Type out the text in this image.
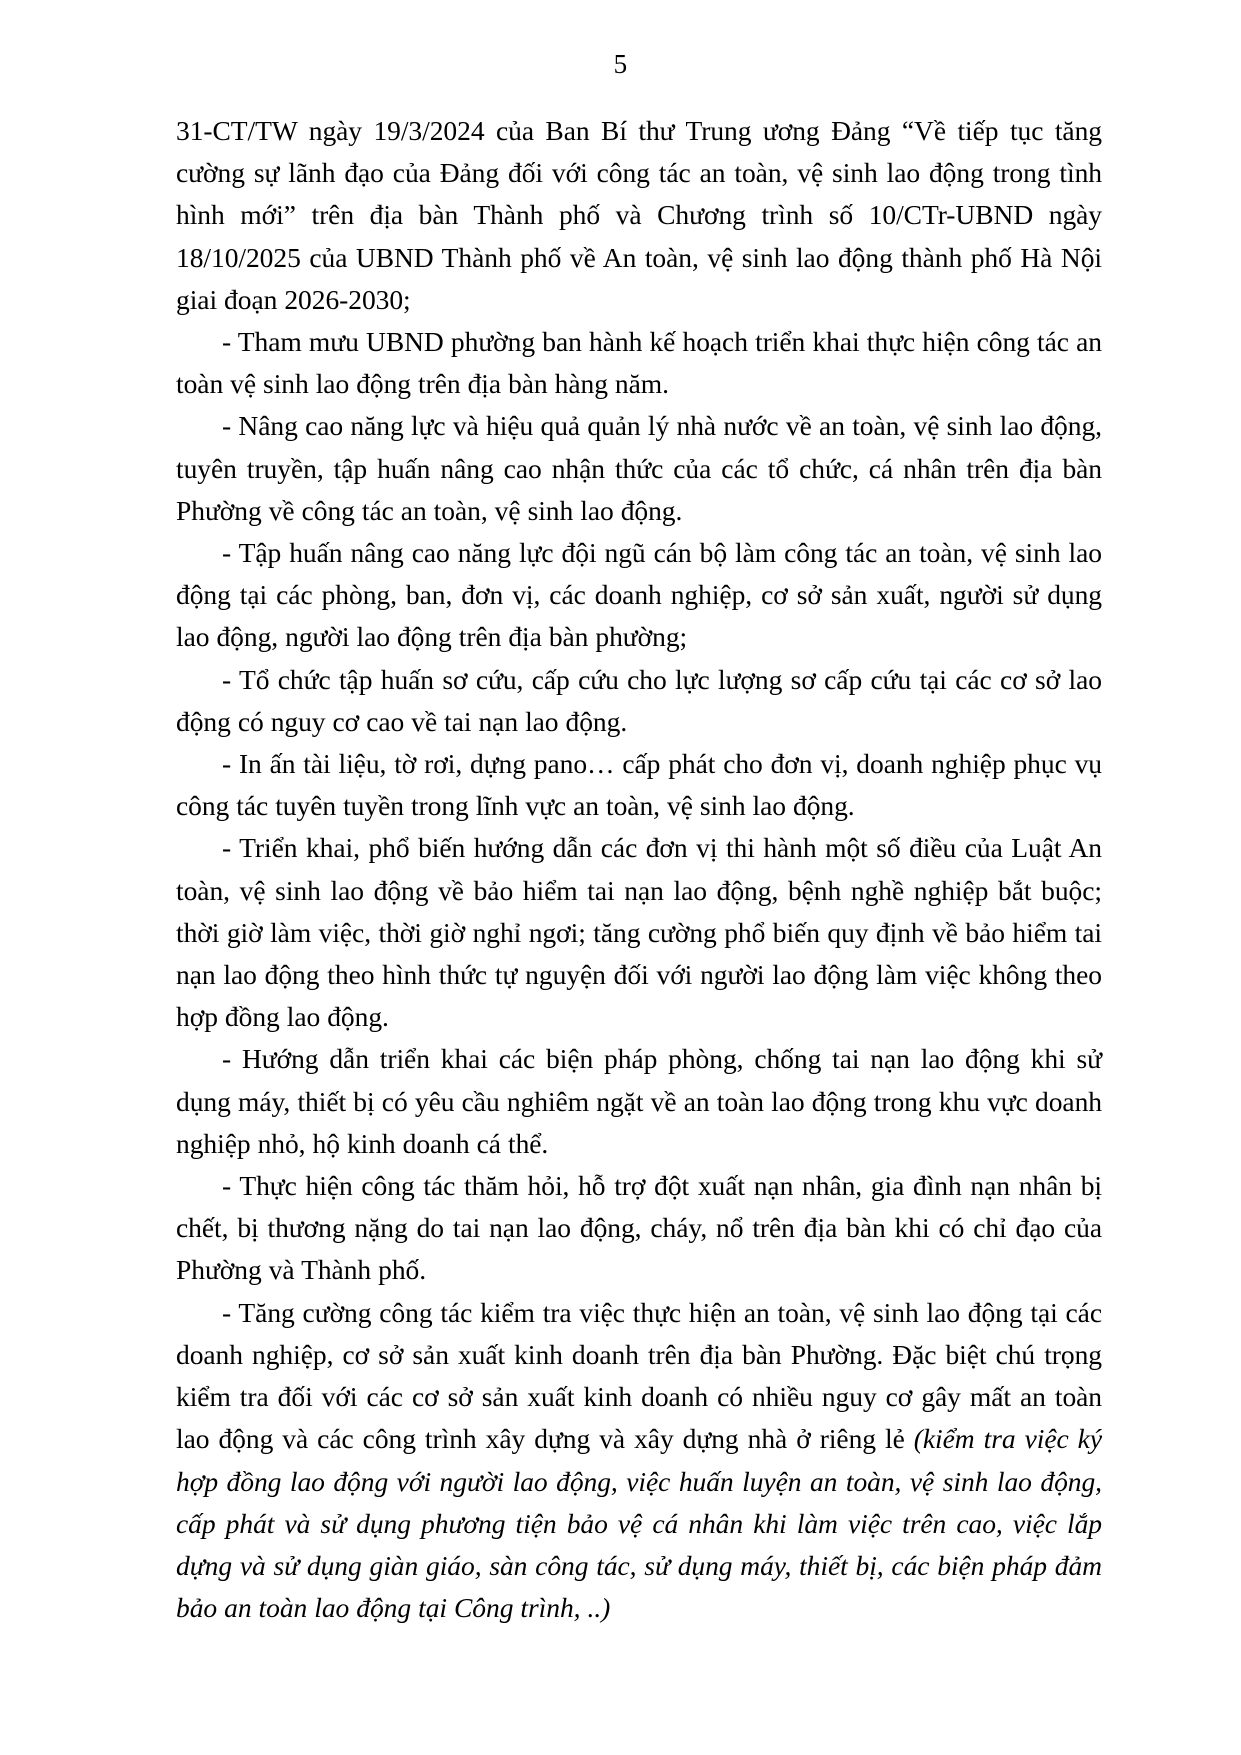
5

31-CT/TW ngày 19/3/2024 của Ban Bí thư Trung ương Đảng “Về tiếp tục tăng cường sự lãnh đạo của Đảng đối với công tác an toàn, vệ sinh lao động trong tình hình mới” trên địa bàn Thành phố và Chương trình số 10/CTr-UBND ngày 18/10/2025 của UBND Thành phố về An toàn, vệ sinh lao động thành phố Hà Nội giai đoạn 2026-2030;

- Tham mưu UBND phường ban hành kế hoạch triển khai thực hiện công tác an toàn vệ sinh lao động trên địa bàn hàng năm.

- Nâng cao năng lực và hiệu quả quản lý nhà nước về an toàn, vệ sinh lao động, tuyên truyền, tập huấn nâng cao nhận thức của các tổ chức, cá nhân trên địa bàn Phường về công tác an toàn, vệ sinh lao động.

- Tập huấn nâng cao năng lực đội ngũ cán bộ làm công tác an toàn, vệ sinh lao động tại các phòng, ban, đơn vị, các doanh nghiệp, cơ sở sản xuất, người sử dụng lao động, người lao động trên địa bàn phường;

- Tổ chức tập huấn sơ cứu, cấp cứu cho lực lượng sơ cấp cứu tại các cơ sở lao động có nguy cơ cao về tai nạn lao động.

- In ấn tài liệu, tờ rơi, dựng pano… cấp phát cho đơn vị, doanh nghiệp phục vụ công tác tuyên tuyền trong lĩnh vực an toàn, vệ sinh lao động.

- Triển khai, phổ biến hướng dẫn các đơn vị thi hành một số điều của Luật An toàn, vệ sinh lao động về bảo hiểm tai nạn lao động, bệnh nghề nghiệp bắt buộc; thời giờ làm việc, thời giờ nghỉ ngơi; tăng cường phổ biến quy định về bảo hiểm tai nạn lao động theo hình thức tự nguyện đối với người lao động làm việc không theo hợp đồng lao động.

- Hướng dẫn triển khai các biện pháp phòng, chống tai nạn lao động khi sử dụng máy, thiết bị có yêu cầu nghiêm ngặt về an toàn lao động trong khu vực doanh nghiệp nhỏ, hộ kinh doanh cá thể.

- Thực hiện công tác thăm hỏi, hỗ trợ đột xuất nạn nhân, gia đình nạn nhân bị chết, bị thương nặng do tai nạn lao động, cháy, nổ trên địa bàn khi có chỉ đạo của Phường và Thành phố.

- Tăng cường công tác kiểm tra việc thực hiện an toàn, vệ sinh lao động tại các doanh nghiệp, cơ sở sản xuất kinh doanh trên địa bàn Phường. Đặc biệt chú trọng kiểm tra đối với các cơ sở sản xuất kinh doanh có nhiều nguy cơ gây mất an toàn lao động và các công trình xây dựng và xây dựng nhà ở riêng lẻ (kiểm tra việc ký hợp đồng lao động với người lao động, việc huấn luyện an toàn, vệ sinh lao động, cấp phát và sử dụng phương tiện bảo vệ cá nhân khi làm việc trên cao, việc lắp dựng và sử dụng giàn giáo, sàn công tác, sử dụng máy, thiết bị, các biện pháp đảm bảo an toàn lao động tại Công trình, ..)
